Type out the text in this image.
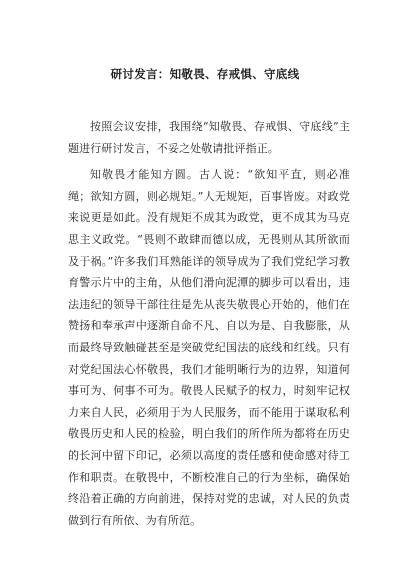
研讨发言：知敬畏、存戒惧、守底线

按照会议安排，我围绕“知敬畏、存戒惧、守底线”主题进行研讨发言，不妥之处敬请批评指正。

知敬畏才能知方圆。古人说：“欲知平直，则必准绳；欲知方圆，则必规矩。”人无规矩，百事皆废。对政党来说更是如此。没有规矩不成其为政党，更不成其为马克思主义政党。“畏则不敢肆而德以成，无畏则从其所欲而及于祸。”许多我们耳熟能详的领导成为了我们党纪学习教育警示片中的主角，从他们滑向泥潭的脚步可以看出，违法违纪的领导干部往往是先从丧失敬畏心开始的，他们在赞扬和奉承声中逐渐自命不凡、自以为是、自我膨胀，从而最终导致触碰甚至是突破党纪国法的底线和红线。只有对党纪国法心怀敬畏，我们才能明晰行为的边界，知道何事可为、何事不可为。敬畏人民赋予的权力，时刻牢记权力来自人民，必须用于为人民服务，而不能用于谋取私利敬畏历史和人民的检验，明白我们的所作所为都将在历史的长河中留下印记，必须以高度的责任感和使命感对待工作和职责。在敬畏中，不断校准自己的行为坐标，确保始终沿着正确的方向前进，保持对党的忠诚，对人民的负责做到行有所依、为有所范。
